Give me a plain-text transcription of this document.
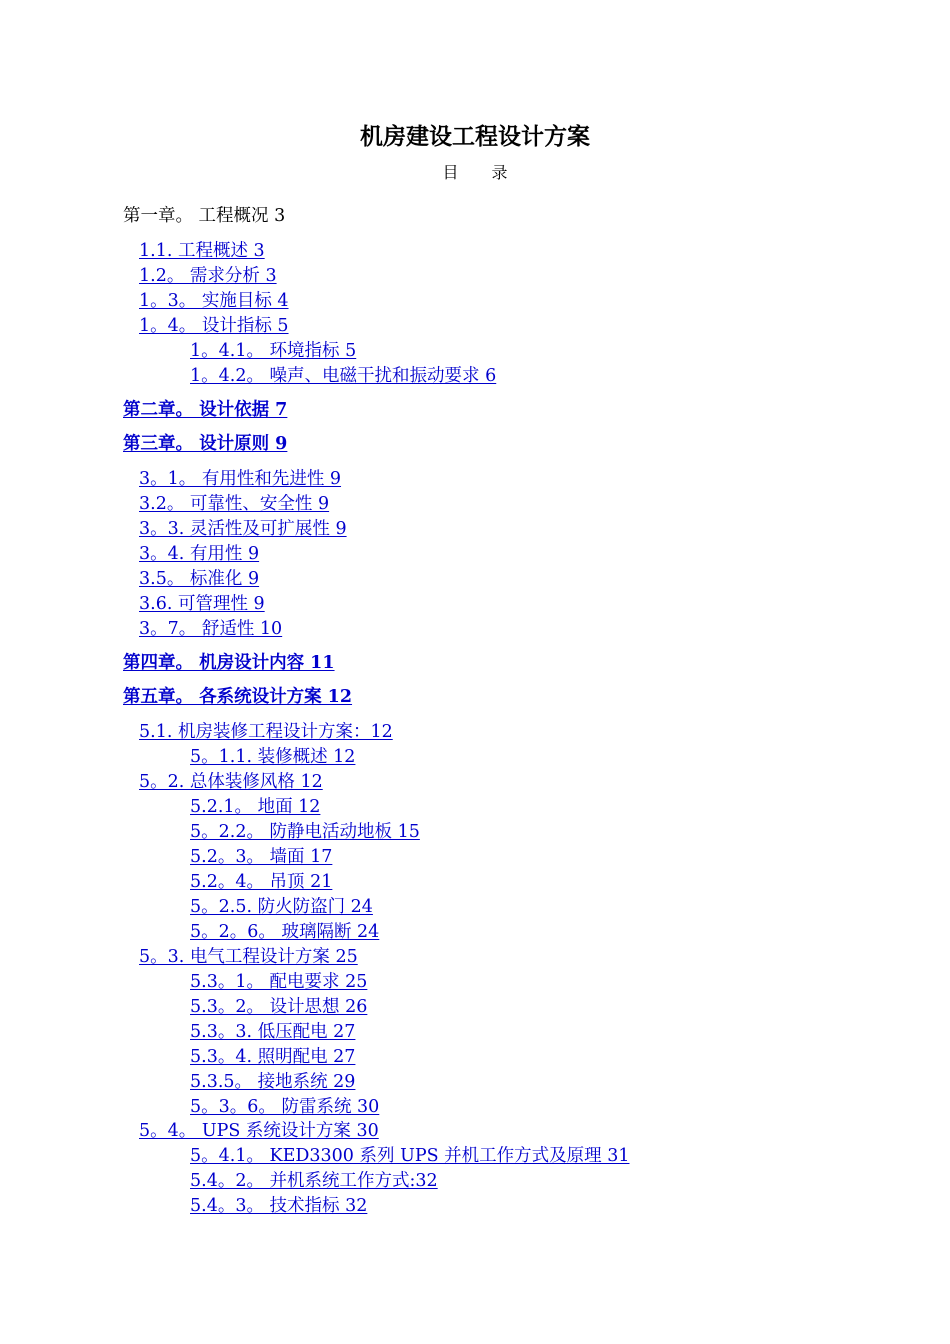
机房建设工程设计方案
目 录
第一章。 工程概况 3
1.1. 工程概述 3
1.2。 需求分析 3
1。3。 实施目标 4
1。4。 设计指标 5
1。4.1。 环境指标 5
1。4.2。 噪声、电磁干扰和振动要求 6
第二章。 设计依据 7
第三章。 设计原则 9
3。1。 有用性和先进性 9
3.2。 可靠性、安全性 9
3。3. 灵活性及可扩展性 9
3。4. 有用性 9
3.5。 标准化 9
3.6. 可管理性 9
3。7。 舒适性 10
第四章。 机房设计内容 11
第五章。 各系统设计方案 12
5.1. 机房装修工程设计方案：12
5。1.1. 装修概述 12
5。2. 总体装修风格 12
5.2.1。 地面 12
5。2.2。 防静电活动地板 15
5.2。3。 墙面 17
5.2。4。 吊顶 21
5。2.5. 防火防盗门 24
5。2。6。 玻璃隔断 24
5。3. 电气工程设计方案 25
5.3。1。 配电要求 25
5.3。2。 设计思想 26
5.3。3. 低压配电 27
5.3。4. 照明配电 27
5.3.5。 接地系统 29
5。3。6。 防雷系统 30
5。4。 UPS 系统设计方案 30
5。4.1。 KED3300 系列 UPS 并机工作方式及原理 31
5.4。2。 并机系统工作方式:32
5.4。3。 技术指标 32
